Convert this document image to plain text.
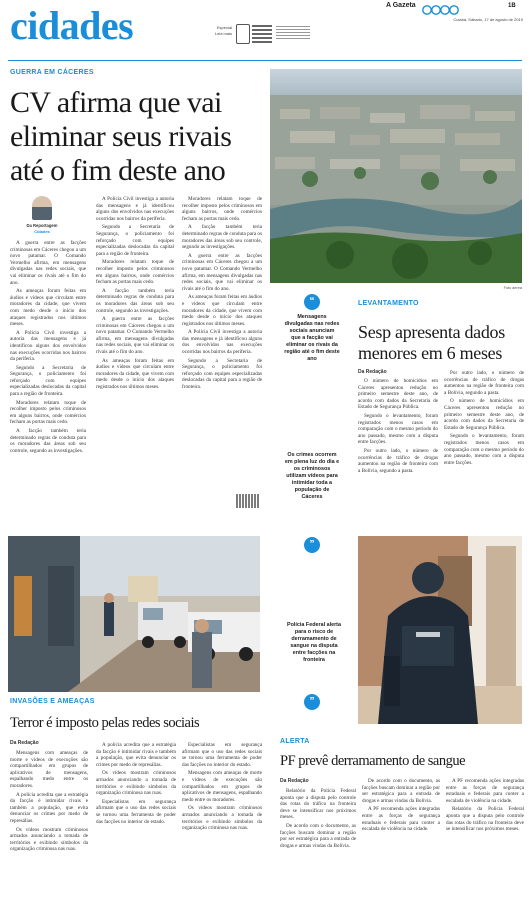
cidades	Especial
Leia mais
A Gazeta	1B
Cuiabá, Sábado, 17 de agosto de 2019
GUERRA EM CÁCERES
CV afirma que vai eliminar seus rivais até o fim deste ano
Da Reportagem
Cidades

A guerra entre as facções criminosas em Cáceres chegou a um novo patamar. O Comando Vermelho afirma, em mensagens divulgadas nas redes sociais, que vai eliminar os rivais até o fim do ano.

As ameaças foram feitas em áudios e vídeos que circulam entre moradores da cidade, que vivem com medo desde o início dos ataques registrados nos últimos meses.

A Polícia Civil investiga a autoria das mensagens e já identificou alguns dos envolvidos nas execuções ocorridas nos bairros da periferia.

Segundo a Secretaria de Segurança, o policiamento foi reforçado com equipes especializadas deslocadas da capital para a região de fronteira.

Moradores relatam toque de recolher imposto pelos criminosos em alguns bairros, onde comércios fecham as portas mais cedo.

A facção também teria determinado regras de conduta para os moradores das áreas sob seu controle, segundo as investigações.

A Polícia Civil investiga a autoria das mensagens e já identificou alguns dos envolvidos nas execuções ocorridas nos bairros da periferia.

Segundo a Secretaria de Segurança, o policiamento foi reforçado com equipes especializadas deslocadas da capital para a região de fronteira.

Moradores relatam toque de recolher imposto pelos criminosos em alguns bairros, onde comércios fecham as portas mais cedo.

A facção também teria determinado regras de conduta para os moradores das áreas sob seu controle, segundo as investigações.

A guerra entre as facções criminosas em Cáceres chegou a um novo patamar. O Comando Vermelho afirma, em mensagens divulgadas nas redes sociais, que vai eliminar os rivais até o fim do ano.

As ameaças foram feitas em áudios e vídeos que circulam entre moradores da cidade, que vivem com medo desde o início dos ataques registrados nos últimos meses.

Moradores relatam toque de recolher imposto pelos criminosos em alguns bairros, onde comércios fecham as portas mais cedo.

A facção também teria determinado regras de conduta para os moradores das áreas sob seu controle, segundo as investigações.

A guerra entre as facções criminosas em Cáceres chegou a um novo patamar. O Comando Vermelho afirma, em mensagens divulgadas nas redes sociais, que vai eliminar os rivais até o fim do ano.

As ameaças foram feitas em áudios e vídeos que circulam entre moradores da cidade, que vivem com medo desde o início dos ataques registrados nos últimos meses.

A Polícia Civil investiga a autoria das mensagens e já identificou alguns dos envolvidos nas execuções ocorridas nos bairros da periferia.

Segundo a Secretaria de Segurança, o policiamento foi reforçado com equipes especializadas deslocadas da capital para a região de fronteira.

Foto aérea
“
Mensagens divulgadas nas redes sociais anunciam que a facção vai eliminar os rivais da região até o fim deste ano
Os crimes ocorrem em plena luz do dia e os criminosos utilizam vídeos para intimidar toda a população de Cáceres
”
Polícia Federal alerta para o risco de derramamento de sangue na disputa entre facções na fronteira
”
LEVANTAMENTO
Sesp apresenta dados menores em 6 meses
Da Redação

O número de homicídios em Cáceres apresentou redução no primeiro semestre deste ano, de acordo com dados da Secretaria de Estado de Segurança Pública.

Segundo o levantamento, foram registrados menos casos em comparação com o mesmo período do ano passado, mesmo com a disputa entre facções.

Por outro lado, o número de ocorrências de tráfico de drogas aumentou na região de fronteira com a Bolívia, segundo a pasta.

Por outro lado, o número de ocorrências de tráfico de drogas aumentou na região de fronteira com a Bolívia, segundo a pasta.

O número de homicídios em Cáceres apresentou redução no primeiro semestre deste ano, de acordo com dados da Secretaria de Estado de Segurança Pública.

Segundo o levantamento, foram registrados menos casos em comparação com o mesmo período do ano passado, mesmo com a disputa entre facções.

INVASÕES E AMEAÇAS
Terror é imposto pelas redes sociais
Da Redação

Mensagens com ameaças de morte e vídeos de execuções são compartilhados em grupos de aplicativos de mensagens, espalhando medo entre os moradores.

A polícia acredita que a estratégia da facção é intimidar rivais e também a população, que evita denunciar os crimes por medo de represálias.

Os vídeos mostram criminosos armados anunciando a tomada de territórios e exibindo símbolos da organização criminosa nas ruas.

A polícia acredita que a estratégia da facção é intimidar rivais e também a população, que evita denunciar os crimes por medo de represálias.

Os vídeos mostram criminosos armados anunciando a tomada de territórios e exibindo símbolos da organização criminosa nas ruas.

Especialistas em segurança afirmam que o uso das redes sociais se tornou uma ferramenta de poder das facções no interior do estado.

Especialistas em segurança afirmam que o uso das redes sociais se tornou uma ferramenta de poder das facções no interior do estado.

Mensagens com ameaças de morte e vídeos de execuções são compartilhados em grupos de aplicativos de mensagens, espalhando medo entre os moradores.

Os vídeos mostram criminosos armados anunciando a tomada de territórios e exibindo símbolos da organização criminosa nas ruas.

ALERTA
PF prevê derramamento de sangue
Da Redação

Relatório da Polícia Federal aponta que a disputa pelo controle das rotas do tráfico na fronteira deve se intensificar nos próximos meses.

De acordo com o documento, as facções buscam dominar a região por ser estratégica para a entrada de drogas e armas vindas da Bolívia.

De acordo com o documento, as facções buscam dominar a região por ser estratégica para a entrada de drogas e armas vindas da Bolívia.

A PF recomenda ações integradas entre as forças de segurança estaduais e federais para conter a escalada de violência na cidade.

A PF recomenda ações integradas entre as forças de segurança estaduais e federais para conter a escalada de violência na cidade.

Relatório da Polícia Federal aponta que a disputa pelo controle das rotas do tráfico na fronteira deve se intensificar nos próximos meses.
